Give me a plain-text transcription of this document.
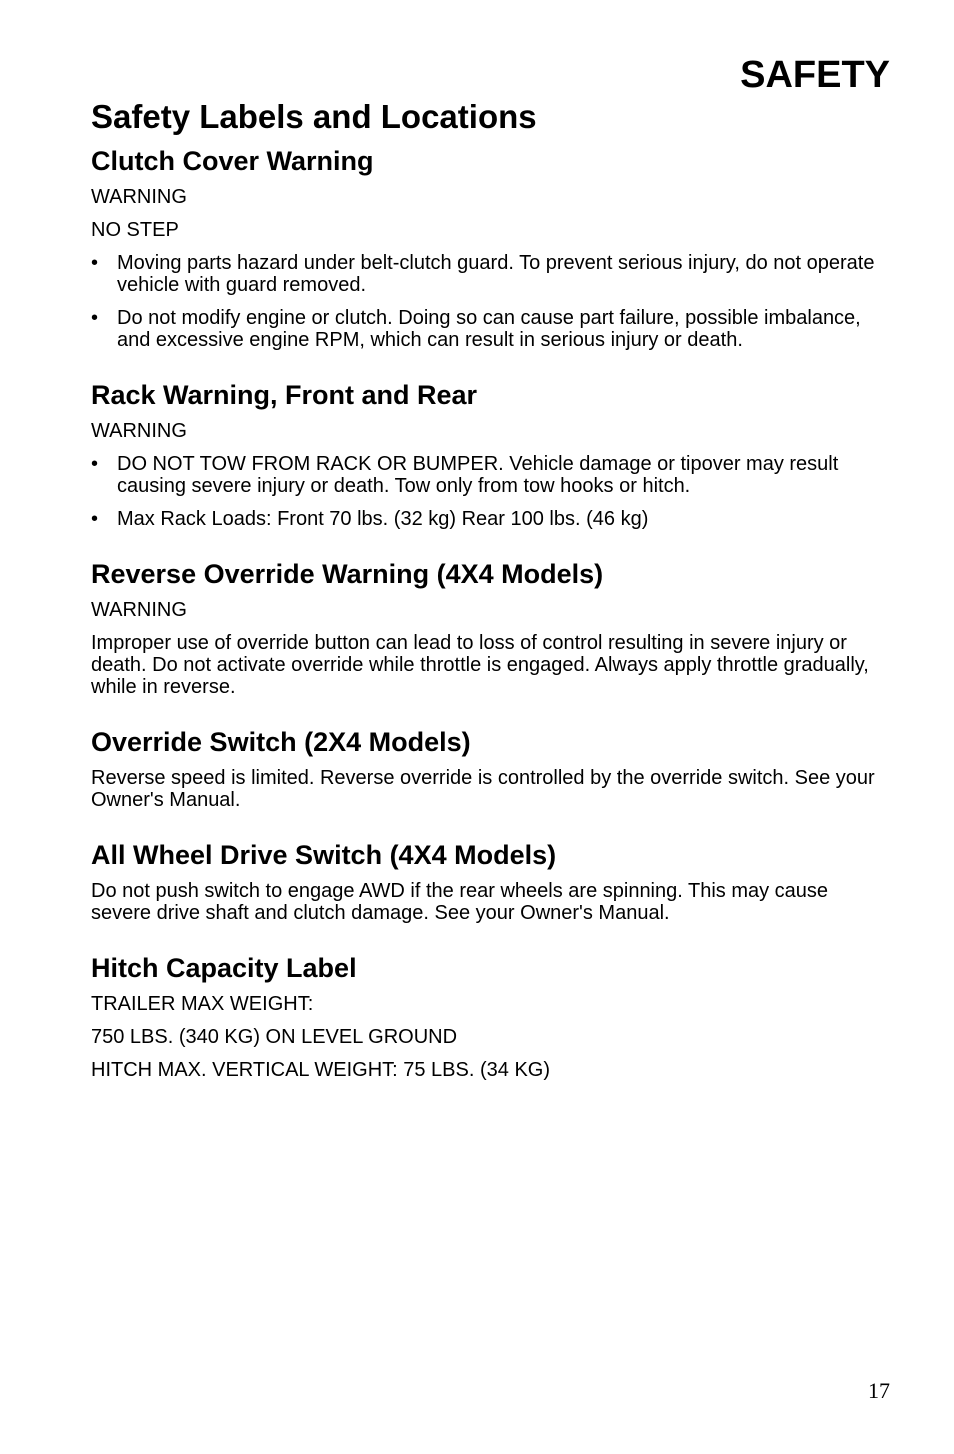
SAFETY
Safety Labels and Locations
Clutch Cover Warning

WARNING

NO STEP

• Moving parts hazard under belt-clutch guard. To prevent serious injury, do not operate vehicle with guard removed.
• Do not modify engine or clutch. Doing so can cause part failure, possible imbalance, and excessive engine RPM, which can result in serious injury or death.
Rack Warning, Front and Rear

WARNING

• DO NOT TOW FROM RACK OR BUMPER. Vehicle damage or tipover may result causing severe injury or death. Tow only from tow hooks or hitch.
• Max Rack Loads: Front 70 lbs. (32 kg) Rear 100 lbs. (46 kg)
Reverse Override Warning (4X4 Models)

WARNING

Improper use of override button can lead to loss of control resulting in severe injury or death. Do not activate override while throttle is engaged. Always apply throttle gradually, while in reverse.

Override Switch (2X4 Models)

Reverse speed is limited. Reverse override is controlled by the override switch. See your Owner's Manual.

All Wheel Drive Switch (4X4 Models)

Do not push switch to engage AWD if the rear wheels are spinning. This may cause severe drive shaft and clutch damage. See your Owner's Manual.

Hitch Capacity Label

TRAILER MAX WEIGHT:

750 LBS. (340 KG) ON LEVEL GROUND

HITCH MAX. VERTICAL WEIGHT: 75 LBS. (34 KG)

17
